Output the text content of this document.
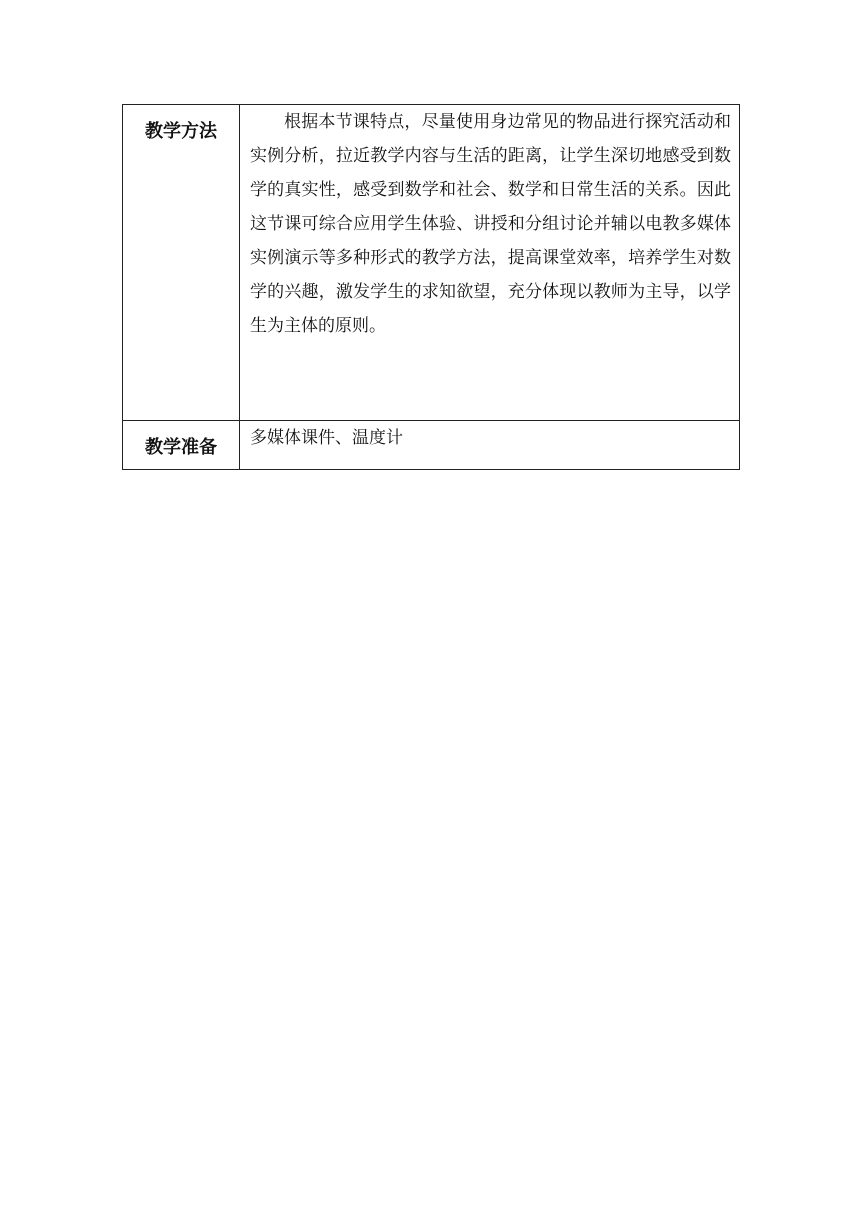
教学方法	根据本节课特点，尽量使用身边常见的物品进行探究活动和实例分析，拉近教学内容与生活的距离，让学生深切地感受到数学的真实性，感受到数学和社会、数学和日常生活的关系。因此这节课可综合应用学生体验、讲授和分组讨论并辅以电教多媒体实例演示等多种形式的教学方法，提高课堂效率，培养学生对数学的兴趣，激发学生的求知欲望，充分体现以教师为主导，以学生为主体的原则。

教学准备	多媒体课件、温度计
